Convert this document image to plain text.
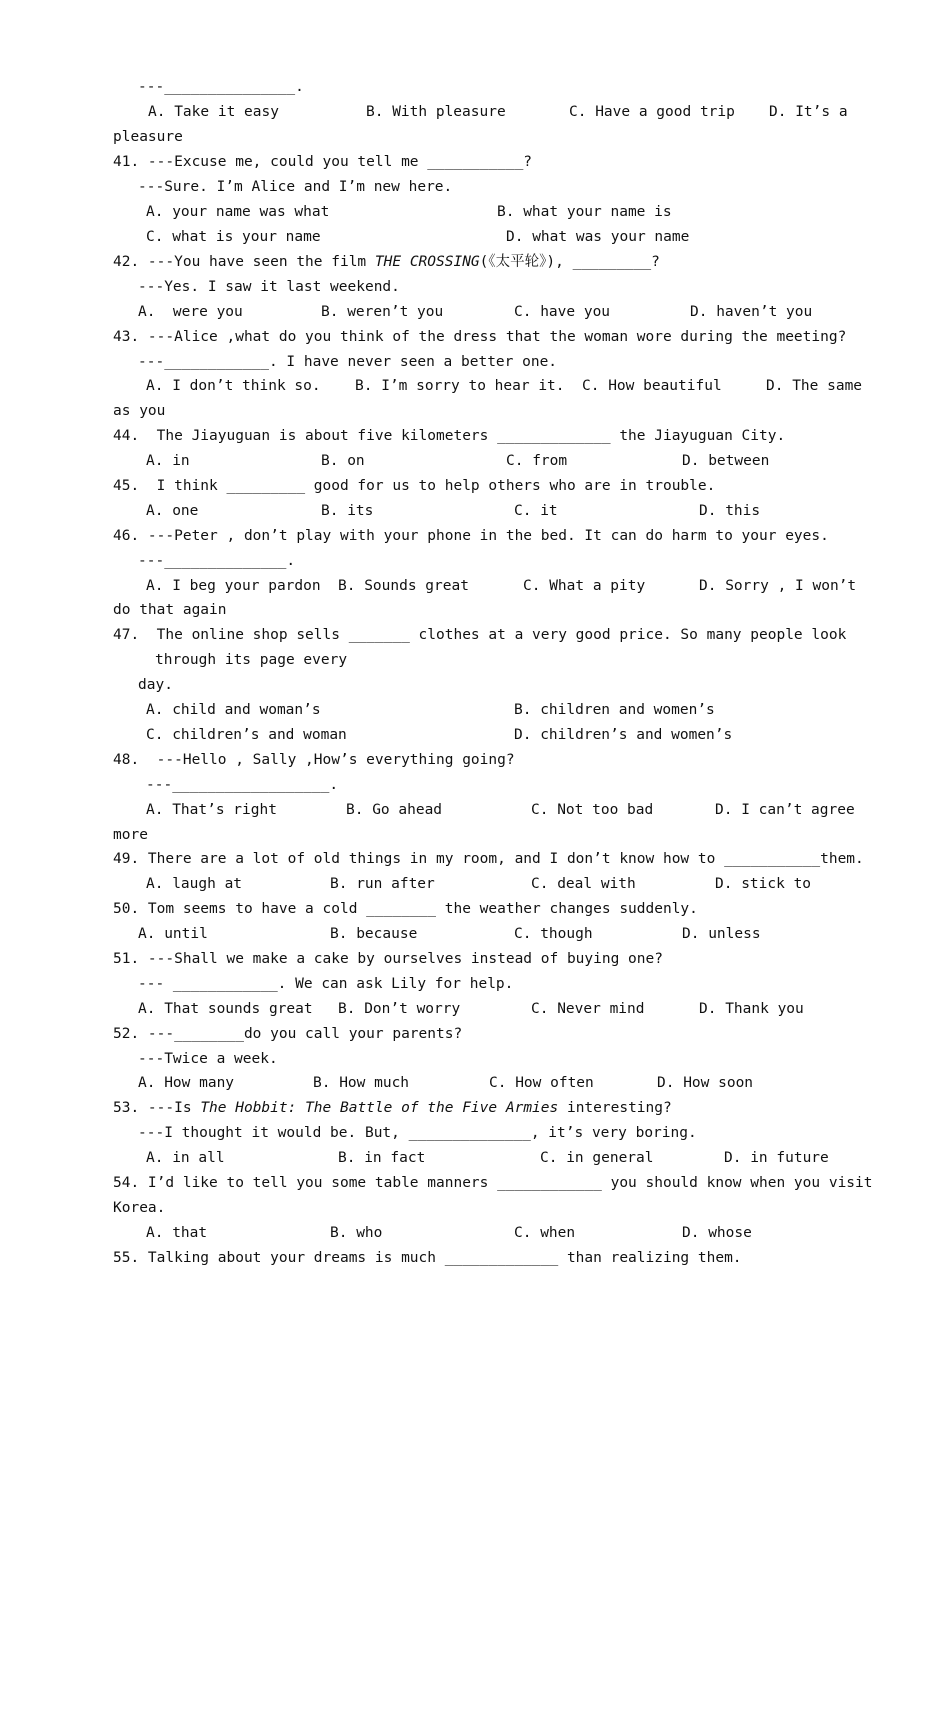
---_______________.

A. Take it easy

	B. With pleasure

	C. Have a good trip

D. It’s a

pleasure

41. ---Excuse me, could you tell me ___________?

---Sure. I’m Alice and I’m new here.

A. your name was what

	B. what your name is

C. what is your name

	D. what was your name

42. ---You have seen the film THE CROSSING(《太平轮》), _________?

---Yes. I saw it last weekend.

A.  were you

	B. weren’t you

	C. have you

	D. haven’t you

43. ---Alice ,what do you think of the dress that the woman wore during the meeting?

---____________. I have never seen a better one.

A. I don’t think so.

B. I’m sorry to hear it.

C. How beautiful

	D. The same

as you

44.  The Jiayuguan is about five kilometers _____________ the Jiayuguan City.

A. in

	B. on

	C. from

	D. between

45.  I think _________ good for us to help others who are in trouble.

A. one

	B. its

	C. it

	D. this

46. ---Peter , don’t play with your phone in the bed. It can do harm to your eyes.

---______________.

A. I beg your pardon

B. Sounds great

	C. What a pity

	D. Sorry , I won’t

do that again

47.  The online shop sells _______ clothes at a very good price. So many people look

through its page every

day.

A. child and woman’s

	B. children and women’s

C. children’s and woman

	D. children’s and women’s

48.  ---Hello , Sally ,How’s everything going?

---__________________.

A. That’s right

	B. Go ahead

	C. Not too bad

	D. I can’t agree

more

49. There are a lot of old things in my room, and I don’t know how to ___________them.

A. laugh at

	B. run after

	C. deal with

	D. stick to

50. Tom seems to have a cold ________ the weather changes suddenly.

A. until

	B. because

	C. though

	D. unless

51. ---Shall we make a cake by ourselves instead of buying one?

--- ____________. We can ask Lily for help.

A. That sounds great

B. Don’t worry

	C. Never mind

	D. Thank you

52. ---________do you call your parents?

---Twice a week.

A. How many

	B. How much

	C. How often

	D. How soon

53. ---Is The Hobbit: The Battle of the Five Armies interesting?

---I thought it would be. But, ______________, it’s very boring.

A. in all

	B. in fact

	C. in general

	D. in future

54. I’d like to tell you some table manners ____________ you should know when you visit

Korea.

A. that

	B. who

	C. when

	D. whose

55. Talking about your dreams is much _____________ than realizing them.
